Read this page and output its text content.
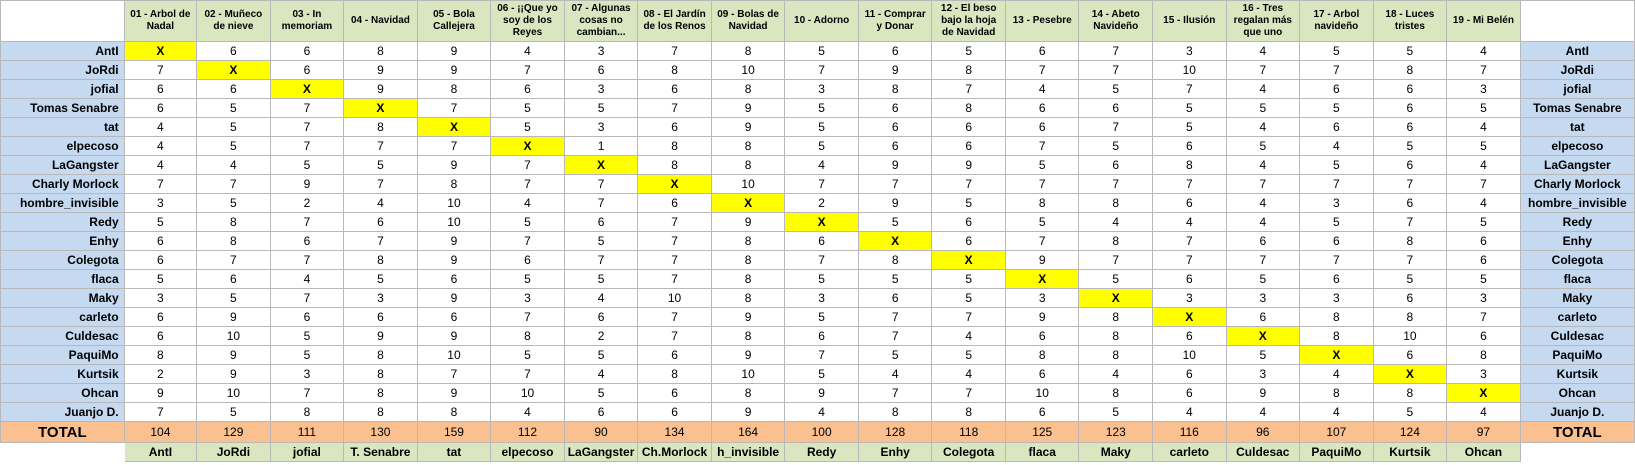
	01 - Arbol de Nadal	02 - Muñeco de nieve	03 - In memoriam	04 - Navidad	05 - Bola Callejera	06 - ¡¡Que yo soy de los Reyes	07 - Algunas cosas no cambian...	08 - El Jardín de los Renos	09 - Bolas de Navidad	10 - Adorno	11 - Comprar y Donar	12 - El beso bajo la hoja de Navidad	13 - Pesebre	14 - Abeto Navideño	15 - Ilusión	16 - Tres regalan más que uno	17 - Arbol navideño	18 - Luces tristes	19 - Mi Belén	

AntI	X	6	6	8	9	4	3	7	8	5	6	5	6	7	3	4	5	5	4	AntI
JoRdi	7	X	6	9	9	7	6	8	10	7	9	8	7	7	10	7	7	8	7	JoRdi
jofial	6	6	X	9	8	6	3	6	8	3	8	7	4	5	7	4	6	6	3	jofial
Tomas Senabre	6	5	7	X	7	5	5	7	9	5	6	8	6	6	5	5	5	6	5	Tomas Senabre
tat	4	5	7	8	X	5	3	6	9	5	6	6	6	7	5	4	6	6	4	tat
elpecoso	4	5	7	7	7	X	1	8	8	5	6	6	7	5	6	5	4	5	5	elpecoso
LaGangster	4	4	5	5	9	7	X	8	8	4	9	9	5	6	8	4	5	6	4	LaGangster
Charly Morlock	7	7	9	7	8	7	7	X	10	7	7	7	7	7	7	7	7	7	7	Charly Morlock
hombre_invisible	3	5	2	4	10	4	7	6	X	2	9	5	8	8	6	4	3	6	4	hombre_invisible
Redy	5	8	7	6	10	5	6	7	9	X	5	6	5	4	4	4	5	7	5	Redy
Enhy	6	8	6	7	9	7	5	7	8	6	X	6	7	8	7	6	6	8	6	Enhy
Colegota	6	7	7	8	9	6	7	7	8	7	8	X	9	7	7	7	7	7	6	Colegota
flaca	5	6	4	5	6	5	5	7	8	5	5	5	X	5	6	5	6	5	5	flaca
Maky	3	5	7	3	9	3	4	10	8	3	6	5	3	X	3	3	3	6	3	Maky
carleto	6	9	6	6	6	7	6	7	9	5	7	7	9	8	X	6	8	8	7	carleto
Culdesac	6	10	5	9	9	8	2	7	8	6	7	4	6	8	6	X	8	10	6	Culdesac
PaquiMo	8	9	5	8	10	5	5	6	9	7	5	5	8	8	10	5	X	6	8	PaquiMo
Kurtsik	2	9	3	8	7	7	4	8	10	5	4	4	6	4	6	3	4	X	3	Kurtsik
Ohcan	9	10	7	8	9	10	5	6	8	9	7	7	10	8	6	9	8	8	X	Ohcan
Juanjo D.	7	5	8	8	8	4	6	6	9	4	8	8	6	5	4	4	4	5	4	Juanjo D.
TOTAL	104	129	111	130	159	112	90	134	164	100	128	118	125	123	116	96	107	124	97	TOTAL
	AntI	JoRdi	jofial	T. Senabre	tat	elpecoso	LaGangster	Ch.Morlock	h_invisible	Redy	Enhy	Colegota	flaca	Maky	carleto	Culdesac	PaquiMo	Kurtsik	Ohcan	
